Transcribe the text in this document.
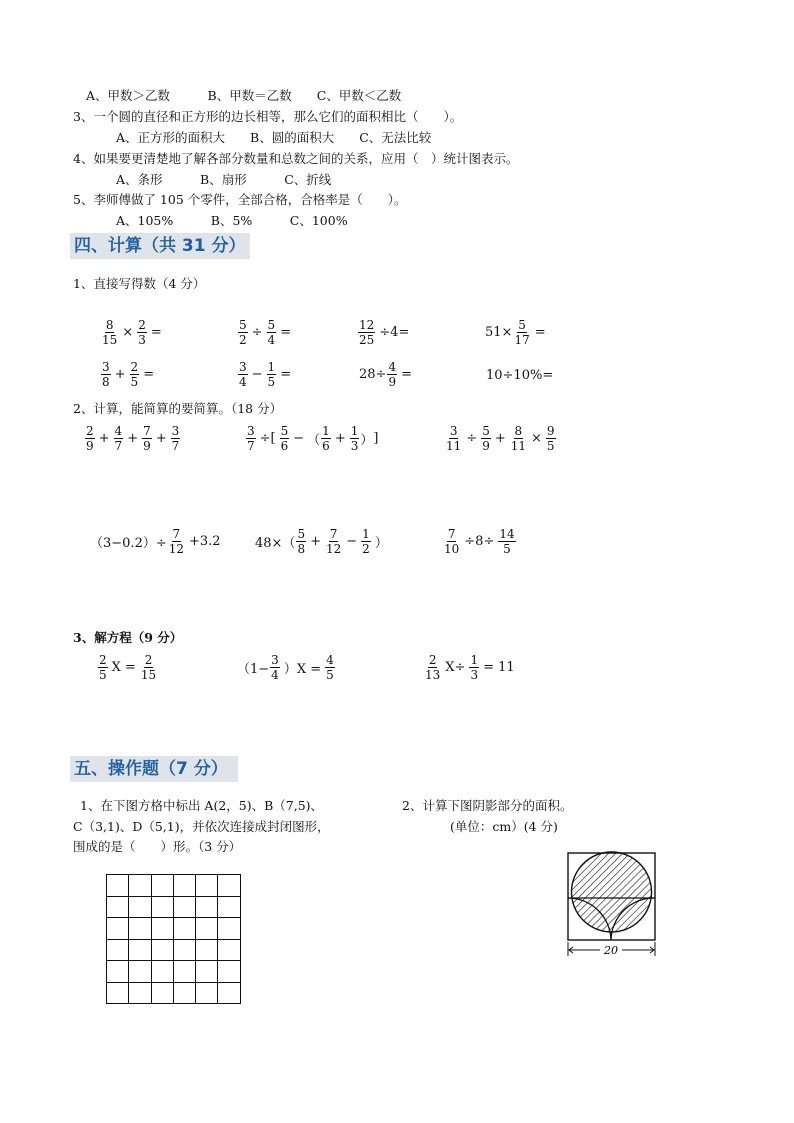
A、甲数＞乙数　　　B、甲数＝乙数　　C、甲数＜乙数
3、一个圆的直径和正方形的边长相等，那么它们的面积相比（　　）。
A、正方形的面积大　　B、圆的面积大　　C、无法比较
4、如果要更清楚地了解各部分数量和总数之间的关系，应用（　）统计图表示。
A、条形　　　B、扇形　　　C、折线
5、李师傅做了 105 个零件，全部合格，合格率是（　　）。
A、105%　　　B、5%　　　C、100%
四、计算（共 31 分）
1、直接写得数（4 分）
$\frac{8}{15} \times \frac{2}{3}$ =	$\frac{5}{2} \div \frac{5}{4}$ =	$\frac{12}{25} \div 4=$	$51\times \frac{5}{17}$ =
$\frac{3}{8} + \frac{2}{5}$ =	$\frac{3}{4} - \frac{1}{5}$ =	$28\div \frac{4}{9}$ =	10÷10%=
2、计算，能简算的要简算。（18 分）
$\frac{2}{9} + \frac{4}{7} + \frac{7}{9} + \frac{3}{7}$	$\frac{3}{7}$ ÷[ $\frac{5}{6}$ − （ $\frac{1}{6} + \frac{1}{3}$ ） ]	$\frac{3}{11} \div \frac{5}{9} + \frac{8}{11} \times \frac{9}{5}$
$(3-0.2)\div \frac{7}{12} +3.2$	$48\times( \frac{5}{8} + \frac{7}{12} - \frac{1}{2}$ ）	$\frac{7}{10} \div 8\div \frac{14}{5}$
3、解方程（9 分）
$\frac{2}{5}$ $X = \frac{2}{15}$	$(1- \frac{3}{4} )X = \frac{4}{5}$	$\frac{2}{13} X\div \frac{1}{3} = 11$
五、操作题（7 分）
1、在下图方格中标出 A(2，5)、B（7,5)、
C（3,1)、D（5,1)，并依次连接成封闭图形，
围成的是（　　）形。（3 分）
2、计算下图阴影部分的面积。
(单位：cm）(4 分)
20
